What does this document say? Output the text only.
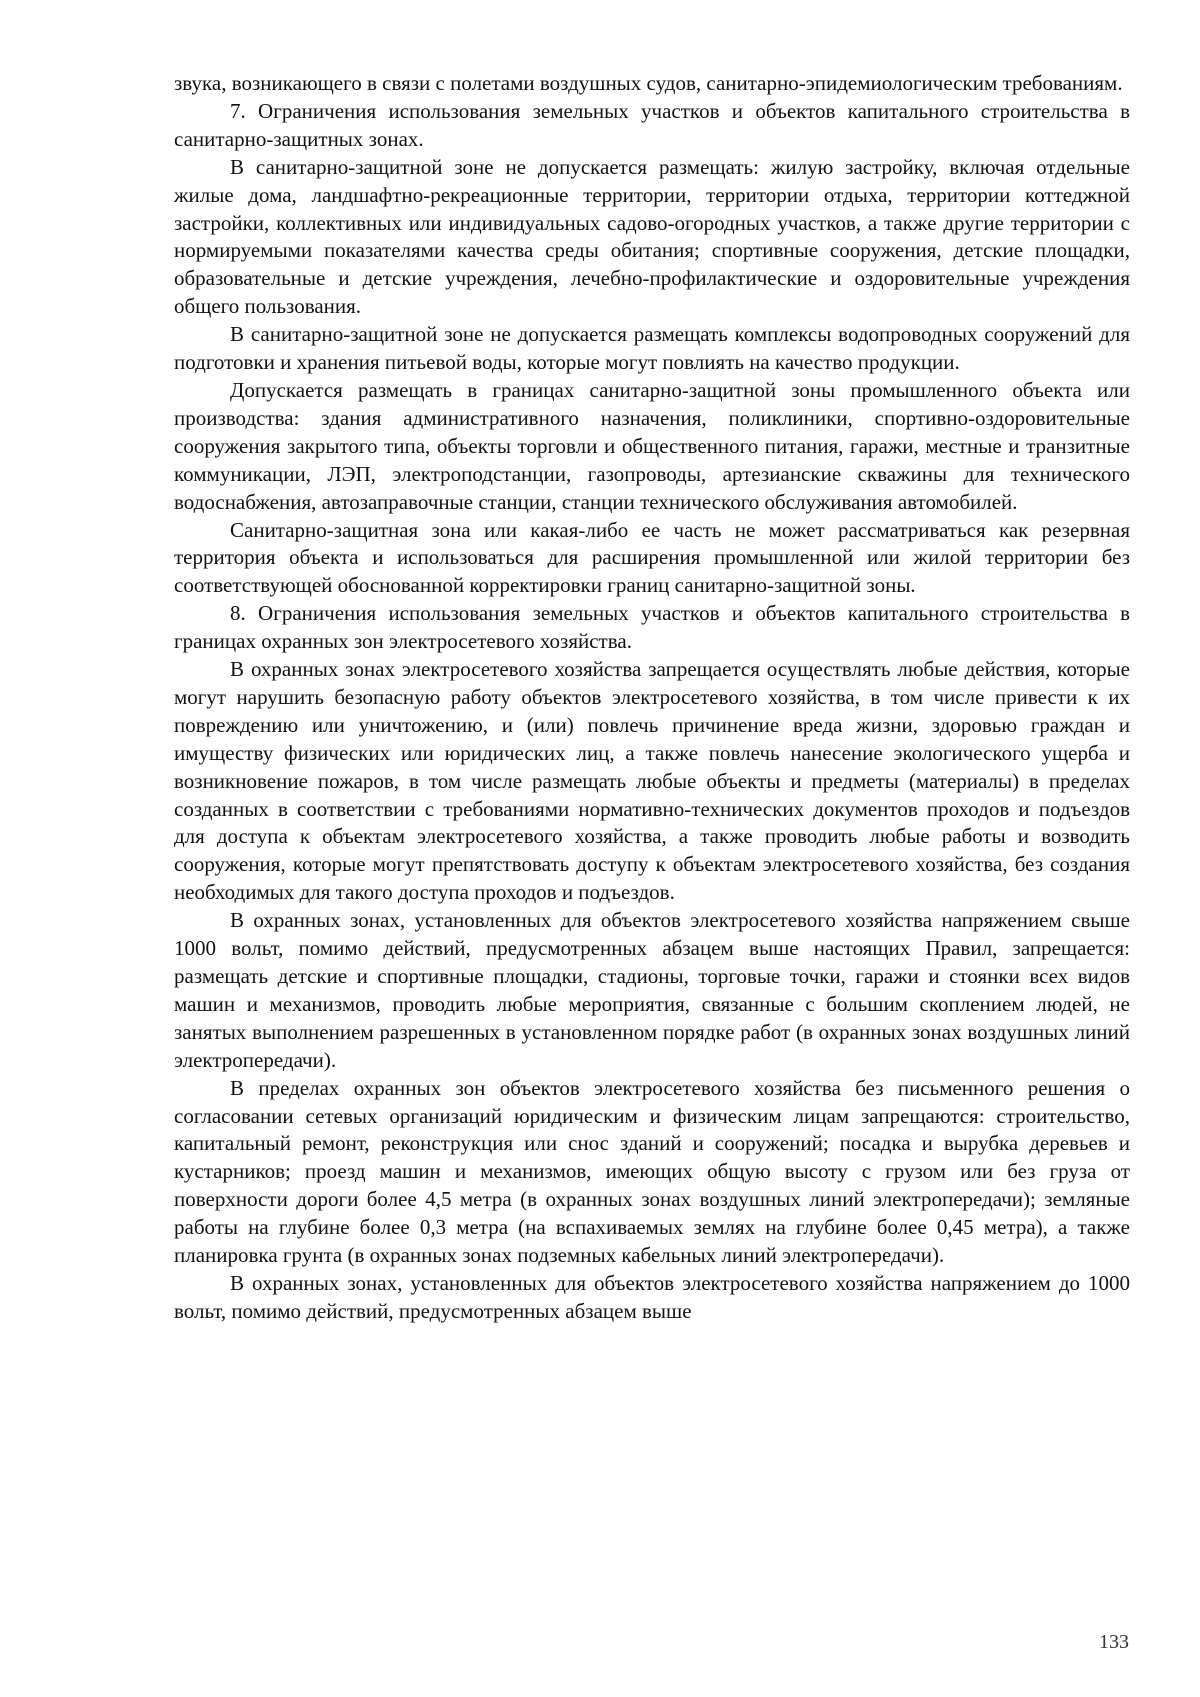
звука, возникающего в связи с полетами воздушных судов, санитарно-эпидемиологическим требованиям.

7. Ограничения использования земельных участков и объектов капитального строительства в санитарно-защитных зонах.

В санитарно-защитной зоне не допускается размещать: жилую застройку, включая отдельные жилые дома, ландшафтно-рекреационные территории, территории отдыха, территории коттеджной застройки, коллективных или индивидуальных садово-огородных участков, а также другие территории с нормируемыми показателями качества среды обитания; спортивные сооружения, детские площадки, образовательные и детские учреждения, лечебно-профилактические и оздоровительные учреждения общего пользования.

В санитарно-защитной зоне не допускается размещать комплексы водопроводных сооружений для подготовки и хранения питьевой воды, которые могут повлиять на качество продукции.

Допускается размещать в границах санитарно-защитной зоны промышленного объекта или производства: здания административного назначения, поликлиники, спортивно-оздоровительные сооружения закрытого типа, объекты торговли и общественного питания, гаражи, местные и транзитные коммуникации, ЛЭП, электроподстанции, газопроводы, артезианские скважины для технического водоснабжения, автозаправочные станции, станции технического обслуживания автомобилей.

Санитарно-защитная зона или какая-либо ее часть не может рассматриваться как резервная территория объекта и использоваться для расширения промышленной или жилой территории без соответствующей обоснованной корректировки границ санитарно-защитной зоны.

8. Ограничения использования земельных участков и объектов капитального строительства в границах охранных зон электросетевого хозяйства.

В охранных зонах электросетевого хозяйства запрещается осуществлять любые действия, которые могут нарушить безопасную работу объектов электросетевого хозяйства, в том числе привести к их повреждению или уничтожению, и (или) повлечь причинение вреда жизни, здоровью граждан и имуществу физических или юридических лиц, а также повлечь нанесение экологического ущерба и возникновение пожаров, в том числе размещать любые объекты и предметы (материалы) в пределах созданных в соответствии с требованиями нормативно-технических документов проходов и подъездов для доступа к объектам электросетевого хозяйства, а также проводить любые работы и возводить сооружения, которые могут препятствовать доступу к объектам электросетевого хозяйства, без создания необходимых для такого доступа проходов и подъездов.

В охранных зонах, установленных для объектов электросетевого хозяйства напряжением свыше 1000 вольт, помимо действий, предусмотренных абзацем выше настоящих Правил, запрещается: размещать детские и спортивные площадки, стадионы, торговые точки, гаражи и стоянки всех видов машин и механизмов, проводить любые мероприятия, связанные с большим скоплением людей, не занятых выполнением разрешенных в установленном порядке работ (в охранных зонах воздушных линий электропередачи).

В пределах охранных зон объектов электросетевого хозяйства без письменного решения о согласовании сетевых организаций юридическим и физическим лицам запрещаются: строительство, капитальный ремонт, реконструкция или снос зданий и сооружений; посадка и вырубка деревьев и кустарников; проезд машин и механизмов, имеющих общую высоту с грузом или без груза от поверхности дороги более 4,5 метра (в охранных зонах воздушных линий электропередачи); земляные работы на глубине более 0,3 метра (на вспахиваемых землях на глубине более 0,45 метра), а также планировка грунта (в охранных зонах подземных кабельных линий электропередачи).

В охранных зонах, установленных для объектов электросетевого хозяйства напряжением до 1000 вольт, помимо действий, предусмотренных абзацем выше

133
